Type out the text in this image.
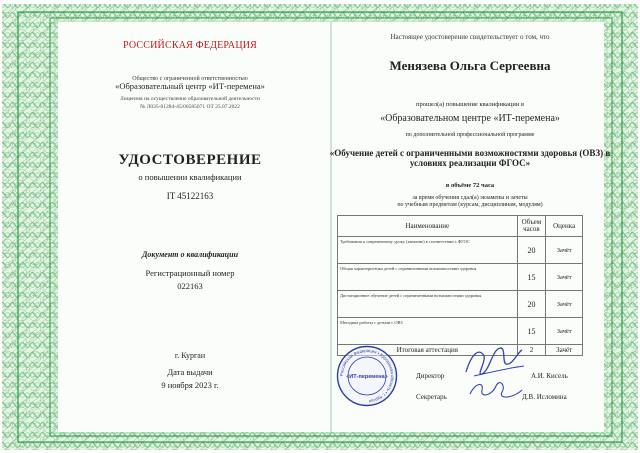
РОССИЙСКАЯ ФЕДЕРАЦИЯ
Общество с ограниченной ответственностью
«Образовательный центр «ИТ-перемена»
Лицензия на осуществление образовательной деятельности
№ Л035-01284-45/00585071 ОТ 25.07.2022
УДОСТОВЕРЕНИЕ
о повышении квалификации
IT 45122163
Документ о квалификации
Регистрационный номер
022163
г. Курган
Дата выдачи
9 ноября 2023 г.
Настоящее удостоверение свидетельствует о том, что
Менязева Ольга Сергеевна
прошел(а) повышение квалификации в
«Образовательном центре «ИТ-перемена»
по дополнительной профессиональной программе
«Обучение детей с ограниченными возможностями здоровья (ОВЗ) в условиях реализации ФГОС»
в объёме 72 часа
за время обучения сдал(а) экзамены и зачеты
по учебным предметам (курсам, дисциплинам, модулям)
Наименование	Объем часов	Оценка
Требования к современному уроку (занятию) в соответствии с ФГОС	20	Зачёт
Общая характеристика детей с ограниченными возможностями здоровья	15	Зачёт
Дистанционное обучение детей с ограниченными возможностями здоровья	20	Зачёт
Методика работы с детьми с ОВЗ	15	Зачёт
Итоговая аттестация	2	Зачёт
Российская Федерация • Курганская область • г. Курган
«ИТ-перемена»	Директор
Секретарь
А.И. Кисель
Д.В. Исломина
